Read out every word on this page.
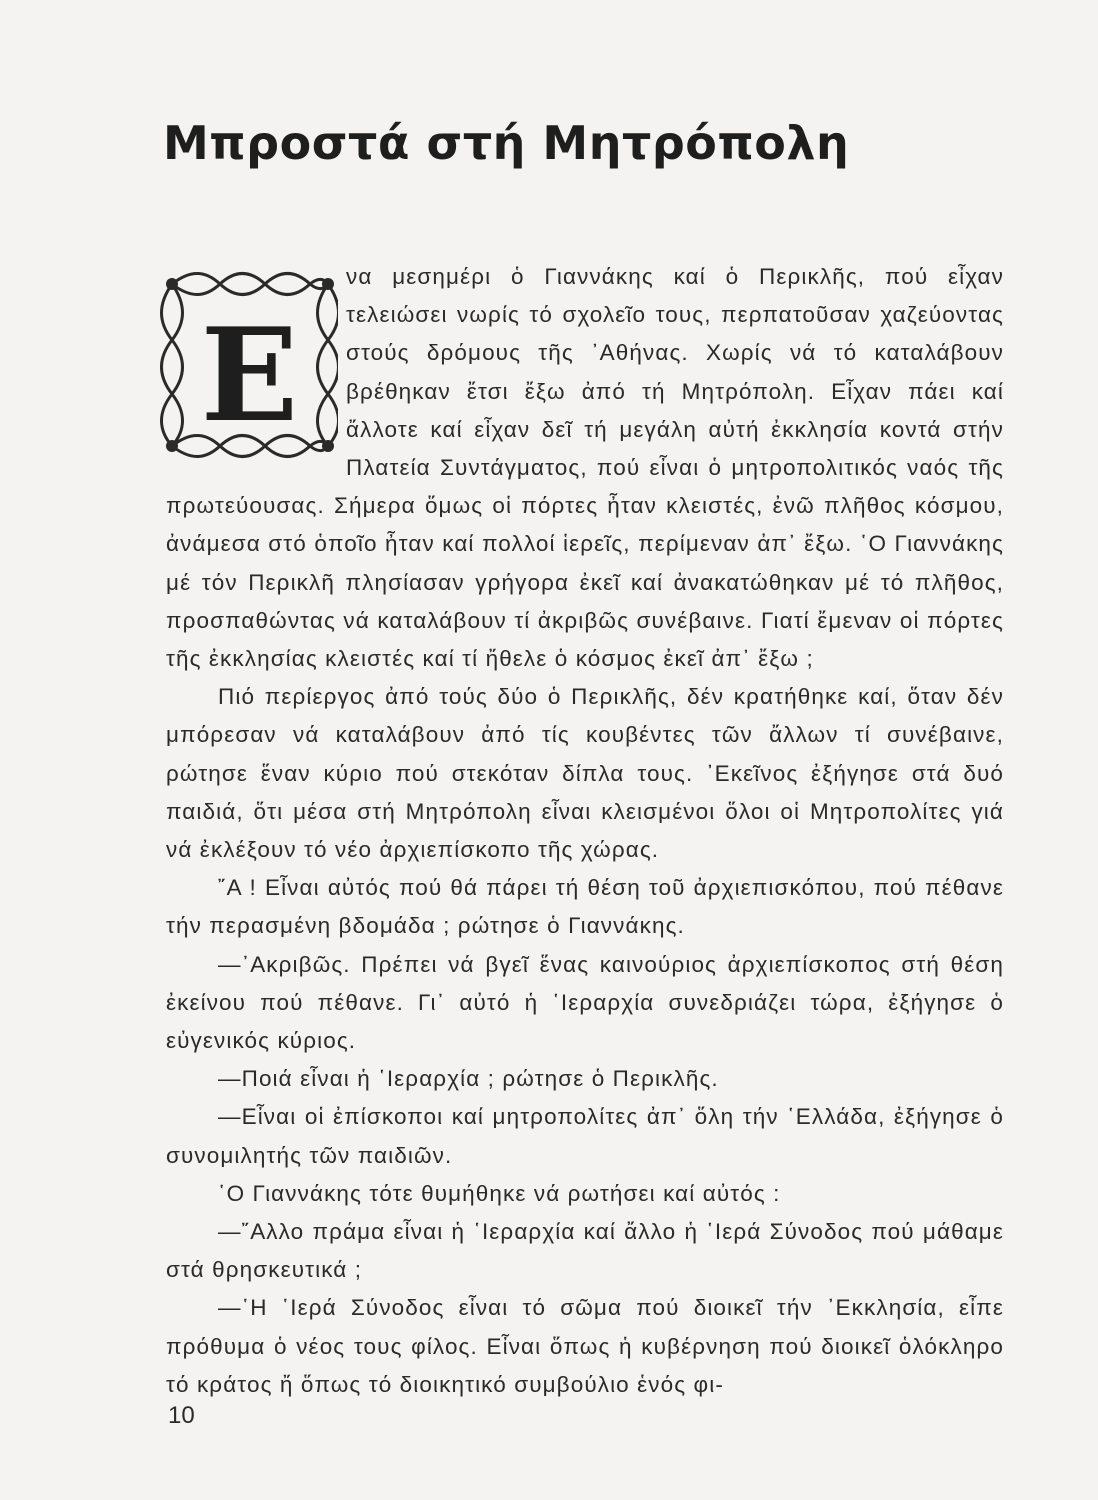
Μπροστά στή Μητρόπολη
Ε

να μεσημέρι ὁ Γιαννάκης καί ὁ Περικλῆς, πού εἶχαν τελειώσει νωρίς τό σχολεῖο τους, περπατοῦσαν χαζεύοντας στούς δρόμους τῆς ᾿Αθήνας. Χωρίς νά τό καταλάβουν βρέθηκαν ἔτσι ἔξω ἀπό τή Μητρόπολη. Εἶχαν πάει καί ἄλλοτε καί εἶχαν δεῖ τή μεγάλη αὐτή ἐκκλησία κοντά στήν Πλατεία Συντάγματος, πού εἶναι ὁ μητροπολιτικός ναός τῆς πρωτεύουσας. Σήμερα ὅμως οἱ πόρτες ἦταν κλειστές, ἐνῶ πλῆθος κόσμου, ἀνάμεσα στό ὁποῖο ἦταν καί πολλοί ἱερεῖς, περίμεναν ἀπ᾿ ἔξω. ῾Ο Γιαννάκης μέ τόν Περικλῆ πλησίασαν γρήγορα ἐκεῖ καί ἀνακατώθηκαν μέ τό πλῆθος, προσπαθώντας νά καταλάβουν τί ἀκριβῶς συνέβαινε. Γιατί ἔμεναν οἱ πόρτες τῆς ἐκκλησίας κλειστές καί τί ἤθελε ὁ κόσμος ἐκεῖ ἀπ᾿ ἔξω ;

Πιό περίεργος ἀπό τούς δύο ὁ Περικλῆς, δέν κρατήθηκε καί, ὅταν δέν μπόρεσαν νά καταλάβουν ἀπό τίς κουβέντες τῶν ἄλλων τί συνέβαινε, ρώτησε ἕναν κύριο πού στεκόταν δίπλα τους. ᾿Εκεῖνος ἐξήγησε στά δυό παιδιά, ὅτι μέσα στή Μητρόπολη εἶναι κλεισμένοι ὅλοι οἱ Μητροπολίτες γιά νά ἐκλέξουν τό νέο ἀρχιεπίσκοπο τῆς χώρας.

῎Α ! Εἶναι αὐτός πού θά πάρει τή θέση τοῦ ἀρχιεπισκόπου, πού πέθανε τήν περασμένη βδομάδα ; ρώτησε ὁ Γιαννάκης.

—᾿Ακριβῶς. Πρέπει νά βγεῖ ἕνας καινούριος ἀρχιεπίσκοπος στή θέση ἐκείνου πού πέθανε. Γι᾿ αὐτό ἡ ῾Ιεραρχία συνεδριάζει τώρα, ἐξήγησε ὁ εὐγενικός κύριος.

—Ποιά εἶναι ἡ ῾Ιεραρχία ; ρώτησε ὁ Περικλῆς.

—Εἶναι οἱ ἐπίσκοποι καί μητροπολίτες ἀπ᾿ ὅλη τήν ῾Ελλάδα, ἐξήγησε ὁ συνομιλητής τῶν παιδιῶν.

῾Ο Γιαννάκης τότε θυμήθηκε νά ρωτήσει καί αὐτός :

—῎Αλλο πράμα εἶναι ἡ ῾Ιεραρχία καί ἄλλο ἡ ῾Ιερά Σύνοδος πού μάθαμε στά θρησκευτικά ;

—῾Η ῾Ιερά Σύνοδος εἶναι τό σῶμα πού διοικεῖ τήν ᾿Εκκλησία, εἶπε πρόθυμα ὁ νέος τους φίλος. Εἶναι ὅπως ἡ κυβέρνηση πού διοικεῖ ὁλόκληρο τό κράτος ἤ ὅπως τό διοικητικό συμβούλιο ἑνός φι-

10
